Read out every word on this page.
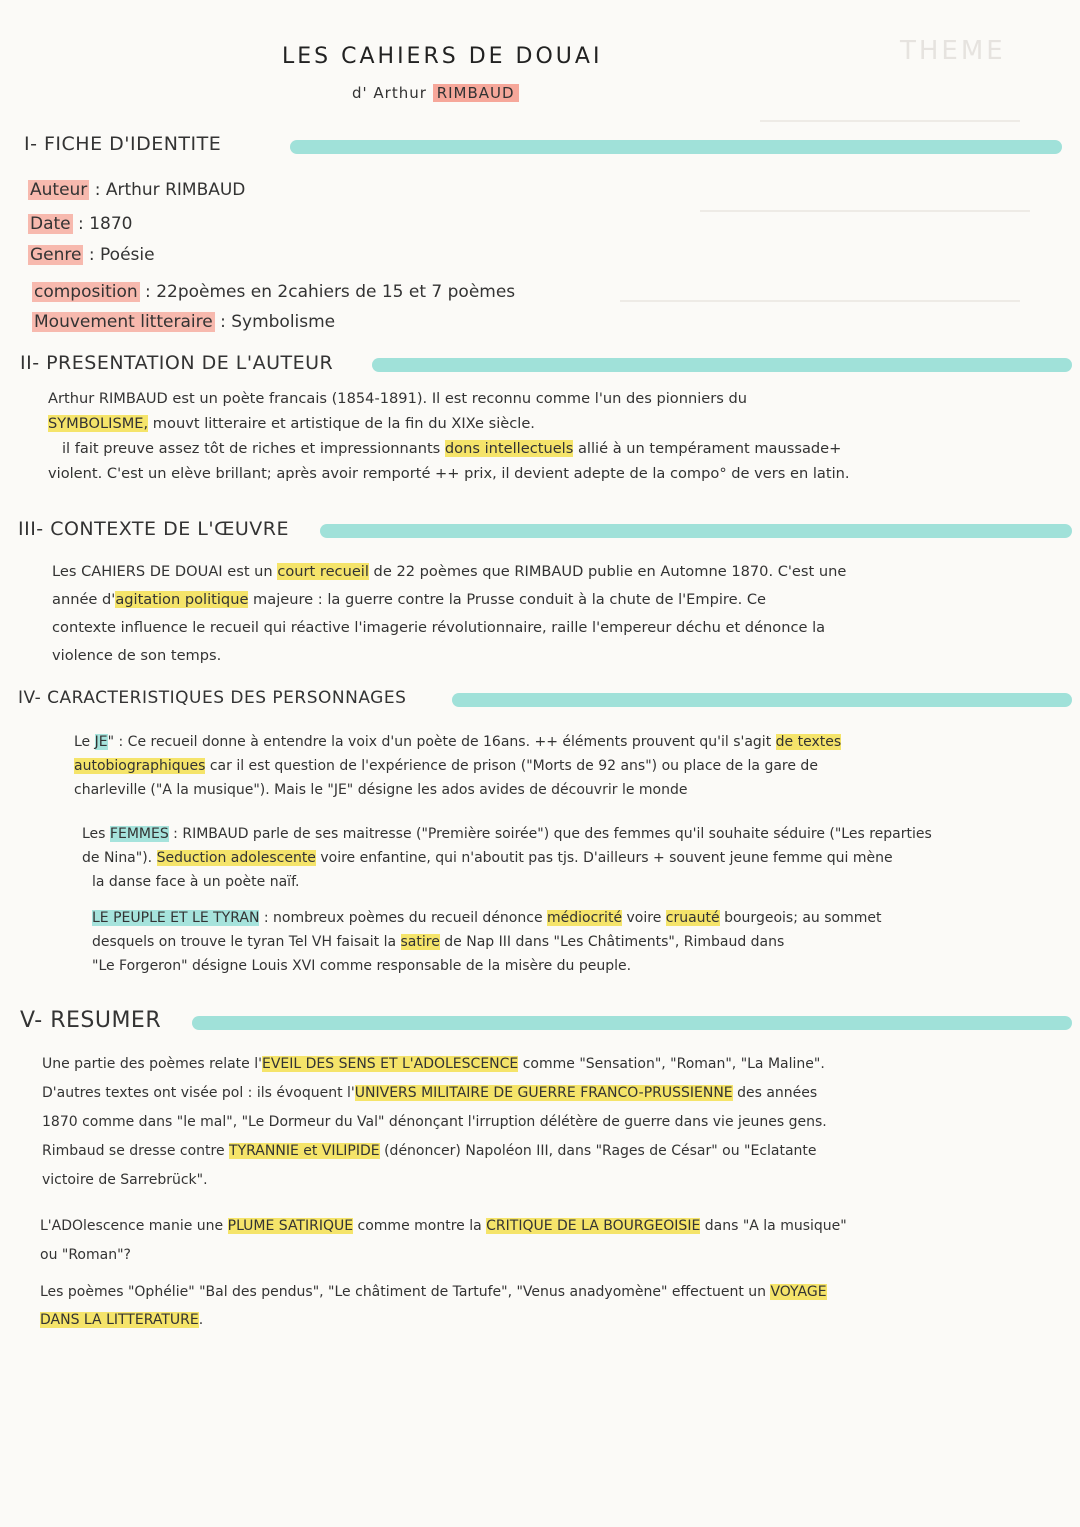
THEME
LES CAHIERS DE DOUAI
d' Arthur RIMBAUD
I- FICHE D'IDENTITE
Auteur : Arthur RIMBAUD
Date : 1870
Genre : Poésie
composition : 22poèmes en 2cahiers de 15 et 7 poèmes
Mouvement litteraire : Symbolisme
II- PRESENTATION DE L'AUTEUR
Arthur RIMBAUD est un poète francais (1854-1891). Il est reconnu comme l'un des pionniers du
SYMBOLISME, mouvt litteraire et artistique de la fin du XIXe siècle.
il fait preuve assez tôt de riches et impressionnants dons intellectuels allié à un tempérament maussade+
violent. C'est un elève brillant; après avoir remporté ++ prix, il devient adepte de la compo° de vers en latin.
III- CONTEXTE DE L'ŒUVRE
Les CAHIERS DE DOUAI est un court recueil de 22 poèmes que RIMBAUD publie en Automne 1870. C'est une
année d'agitation politique majeure : la guerre contre la Prusse conduit à la chute de l'Empire. Ce
contexte influence le recueil qui réactive l'imagerie révolutionnaire, raille l'empereur déchu et dénonce la
violence de son temps.
IV- CARACTERISTIQUES DES PERSONNAGES
Le JE" : Ce recueil donne à entendre la voix d'un poète de 16ans. ++ éléments prouvent qu'il s'agit de textes
autobiographiques car il est question de l'expérience de prison ("Morts de 92 ans") ou place de la gare de
charleville ("A la musique"). Mais le "JE" désigne les ados avides de découvrir le monde
Les FEMMES : RIMBAUD parle de ses maitresse ("Première soirée") que des femmes qu'il souhaite séduire ("Les reparties
de Nina"). Seduction adolescente voire enfantine, qui n'aboutit pas tjs. D'ailleurs + souvent jeune femme qui mène
la danse face à un poète naïf.
LE PEUPLE ET LE TYRAN : nombreux poèmes du recueil dénonce médiocrité voire cruauté bourgeois; au sommet
desquels on trouve le tyran Tel VH faisait la satire de Nap III dans "Les Châtiments", Rimbaud dans
"Le Forgeron" désigne Louis XVI comme responsable de la misère du peuple.
V- RESUMER
Une partie des poèmes relate l'EVEIL DES SENS ET L'ADOLESCENCE comme "Sensation", "Roman", "La Maline".
D'autres textes ont visée pol : ils évoquent l'UNIVERS MILITAIRE DE GUERRE FRANCO-PRUSSIENNE des années
1870 comme dans "le mal", "Le Dormeur du Val" dénonçant l'irruption délétère de guerre dans vie jeunes gens.
Rimbaud se dresse contre TYRANNIE et VILIPIDE (dénoncer) Napoléon III, dans "Rages de César" ou "Eclatante
victoire de Sarrebrück".
L'ADOlescence manie une PLUME SATIRIQUE comme montre la CRITIQUE DE LA BOURGEOISIE dans "A la musique"
ou "Roman"?
Les poèmes "Ophélie" "Bal des pendus", "Le châtiment de Tartufe", "Venus anadyomène" effectuent un VOYAGE
DANS LA LITTERATURE.
